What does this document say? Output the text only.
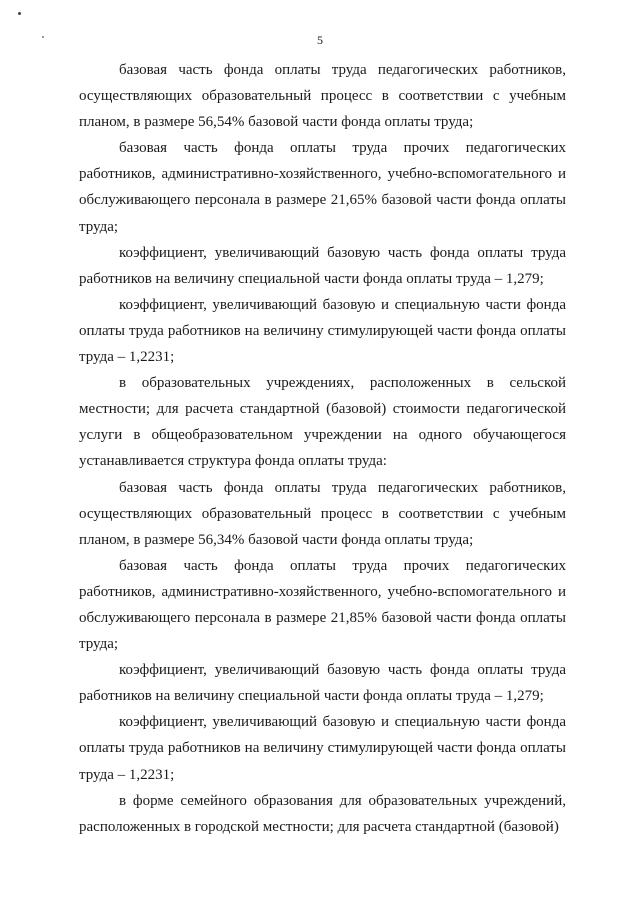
5

базовая часть фонда оплаты труда педагогических работников, осуществляющих образовательный процесс в соответствии с учебным планом, в размере 56,54% базовой части фонда оплаты труда;

базовая часть фонда оплаты труда прочих педагогических работников, административно-хозяйственного, учебно-вспомогательного и обслуживающего персонала в размере 21,65% базовой части фонда оплаты труда;

коэффициент, увеличивающий базовую часть фонда оплаты труда работников на величину специальной части фонда оплаты труда – 1,279;

коэффициент, увеличивающий базовую и специальную части фонда оплаты труда работников на величину стимулирующей части фонда оплаты труда – 1,2231;

в образовательных учреждениях, расположенных в сельской местности; для расчета стандартной (базовой) стоимости педагогической услуги в общеобразовательном учреждении на одного обучающегося устанавливается структура фонда оплаты труда:

базовая часть фонда оплаты труда педагогических работников, осуществляющих образовательный процесс в соответствии с учебным планом, в размере 56,34% базовой части фонда оплаты труда;

базовая часть фонда оплаты труда прочих педагогических работников, административно-хозяйственного, учебно-вспомогательного и обслуживающего персонала в размере 21,85% базовой части фонда оплаты труда;

коэффициент, увеличивающий базовую часть фонда оплаты труда работников на величину специальной части фонда оплаты труда – 1,279;

коэффициент, увеличивающий базовую и специальную части фонда оплаты труда работников на величину стимулирующей части фонда оплаты труда – 1,2231;

в форме семейного образования для образовательных учреждений, расположенных в городской местности; для расчета стандартной (базовой)
